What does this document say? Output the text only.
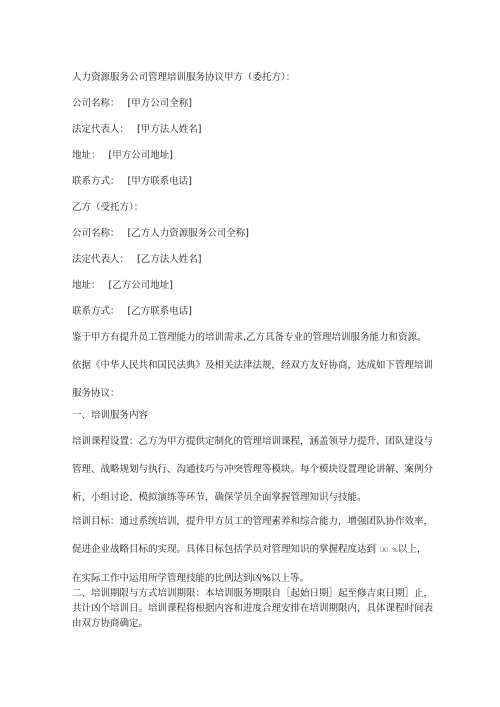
人力资源服务公司管理培训服务协议甲方（委托方）：
公司名称： [甲方公司全称]
法定代表人： [甲方法人姓名]
地址： [甲方公司地址]
联系方式： [甲方联系电话]
乙方（受托方）：
公司名称： [乙方人力资源服务公司全称]
法定代表人： [乙方法人姓名]
地址： [乙方公司地址]
联系方式： [乙方联系电话]
鉴于甲方有提升员工管理能力的培训需求,乙方具备专业的管理培训服务能力和资源。依据《中华人民共和国民法典》及相关法律法规，经双方友好协商，达成如下管理培训服务协议：
一、培训服务内容
培训课程设置：乙方为甲方提供定制化的管理培训课程，涵盖领导力提升、团队建设与管理、战略规划与执行、沟通技巧与冲突管理等模块。每个模块设置理论讲解、案例分析、小组讨论、模拟演练等环节，确保学员全面掌握管理知识与技能。
培训目标：通过系统培训，提升甲方员工的管理素养和综合能力，增强团队协作效率，促进企业战略目标的实现。具体目标包括学员对管理知识的掌握程度达到〔X〕%以上，在实际工作中运用所学管理技能的比例达到凶%以上等。
二、培训期限与方式培训期限：本培训服务期限自［起始日期］起至修吉束日期］止，共计凶个培训日。培训课程将根据内容和进度合理安排在培训期限内，具体课程时间表由双方协商确定。
